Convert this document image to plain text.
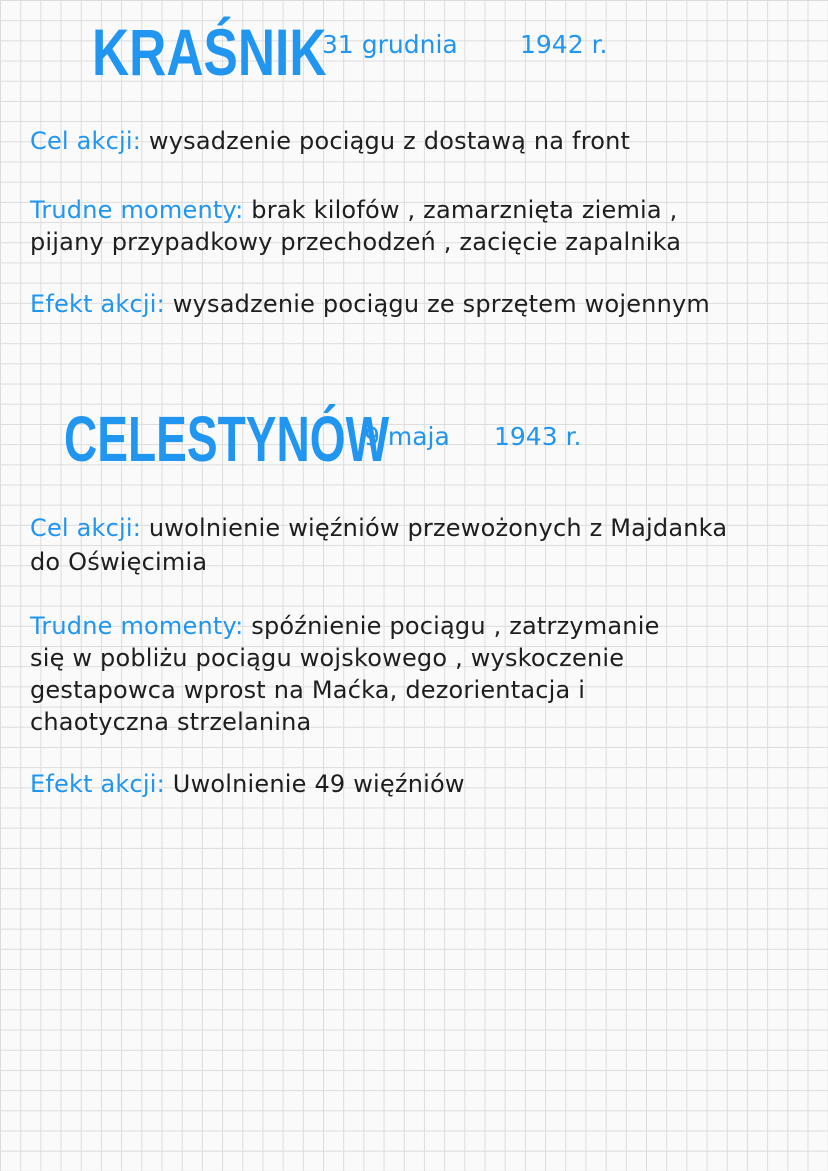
KRAŚNIK
31 grudnia 1942 r.
Cel akcji: wysadzenie pociągu z dostawą na front
Trudne momenty: brak kilofów , zamarznięta ziemia ,
pijany przypadkowy przechodzeń , zacięcie zapalnika
Efekt akcji: wysadzenie pociągu ze sprzętem wojennym
CELESTYNÓW
9 maja 1943 r.
Cel akcji: uwolnienie więźniów przewożonych z Majdanka
do Oświęcimia
Trudne momenty: spóźnienie pociągu , zatrzymanie
się w pobliżu pociągu wojskowego , wyskoczenie
gestapowca wprost na Maćka, dezorientacja i
chaotyczna strzelanina
Efekt akcji: Uwolnienie 49 więźniów
